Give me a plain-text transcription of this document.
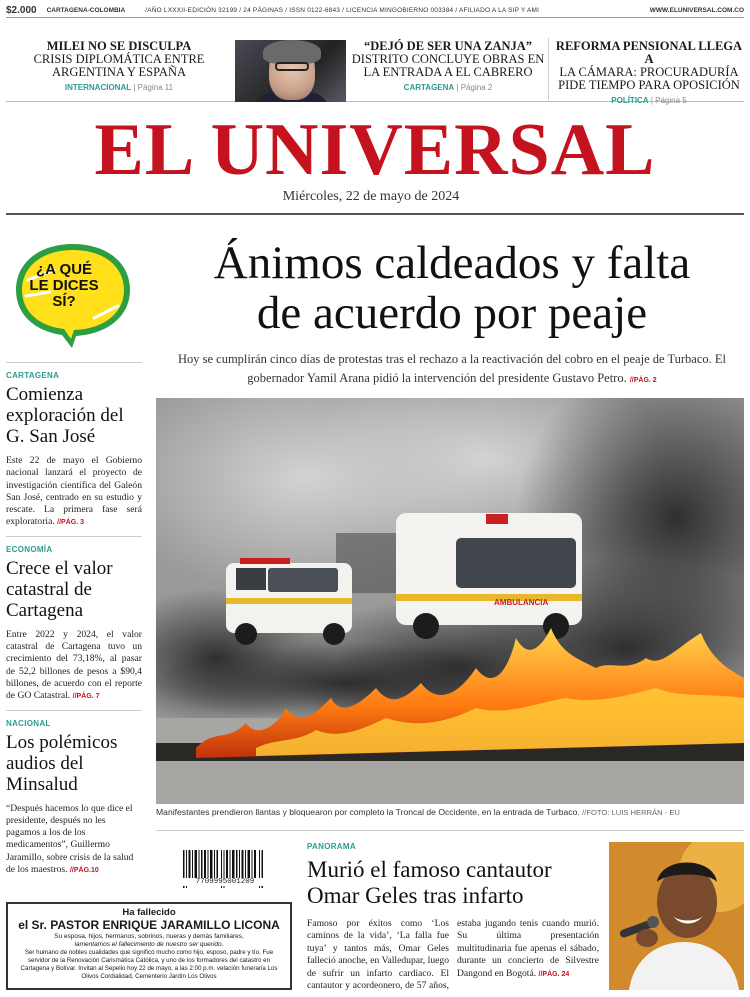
$2.000 CARTAGENA-COLOMBIA	/AÑO LXXXII-EDICIÓN 32199 / 24 PÁGINAS / ISSN 0122-6843 / LICENCIA MINGOBIERNO 003384 / AFILIADO A LA SIP Y AMI	WWW.ELUNIVERSAL.COM.CO
MILEI NO SE DISCULPA
CRISIS DIPLOMÁTICA ENTRE
ARGENTINA Y ESPAÑA
INTERNACIONAL | Página 11
“DEJÓ DE SER UNA ZANJA”
DISTRITO CONCLUYE OBRAS EN
LA ENTRADA A EL CABRERO
CARTAGENA | Página 2
REFORMA PENSIONAL LLEGA A
LA CÁMARA: PROCURADURÍA
PIDE TIEMPO PARA OPOSICIÓN
POLÍTICA | Página 5
EL UNIVERSAL
Miércoles, 22 de mayo de 2024
¿A QUÉ
LE DICES
SÍ?
CARTAGENA
Comienza exploración del G. San José
Este 22 de mayo el Gobierno nacional lanzará el proyecto de investigación científica del Galeón San José, centrado en su estudio y rescate. La primera fase será exploratoria. //PÁG. 3
ECONOMÍA
Crece el valor catastral de Cartagena
Entre 2022 y 2024, el valor catastral de Cartagena tuvo un crecimiento del 73,18%, al pasar de 52,2 billones de pesos a $90,4 billones, de acuerdo con el reporte de GO Catastral. //PÁG. 7
NACIONAL
Los polémicos audios del Minsalud
“Después hacemos lo que dice el presidente, después no les pagamos a los de los medicamentos”, Guillermo Jaramillo, sobre crisis de la salud de los maestros. //PÁG.10
Ánimos caldeados y falta
de acuerdo por peaje
Hoy se cumplirán cinco días de protestas tras el rechazo a la reactivación del cobro en el peaje de Turbaco. El gobernador Yamil Arana pidió la intervención del presidente Gustavo Petro. //PÁG. 2
AMBULANCIA
Manifestantes prendieron llantas y bloquearon por completo la Troncal de Occidente, en la entrada de Turbaco. //FOTO: LUIS HERRÁN - EU
7709995001209
Ha fallecido
el Sr. PASTOR ENRIQUE JARAMILLO LICONA
Su esposa, hijos, hermanos, sobrinos, nueras y demás familiares,
lamentamos el fallecimiento de nuestro ser querido.
Ser humano de nobles cualidades que significó mucho como hijo, esposo, padre y tío. Fue servidor de la Renovación Carismática Católica, y uno de los formadores del catastro en Cartagena y Bolívar. Invitan al Sepelio hoy 22 de mayo, a las 2:00 p.m. velación funeraria Los Olivos Cordialidad, Cementerio Jardín Los Olivos
PANORAMA
Murió el famoso cantautor Omar Geles tras infarto
Famoso por éxitos como ‘Los caminos de la vida’, ‘La falla fue tuya’ y tantos más, Omar Geles falleció anoche, en Valledupar, luego de sufrir un infarto cardiaco. El cantautor y acordeonero, de 57 años, estaba jugando tenis cuando murió. Su última presentación multitudinaria fue apenas el sábado, durante un concierto de Silvestre Dangond en Bogotá. //PÁG. 24
